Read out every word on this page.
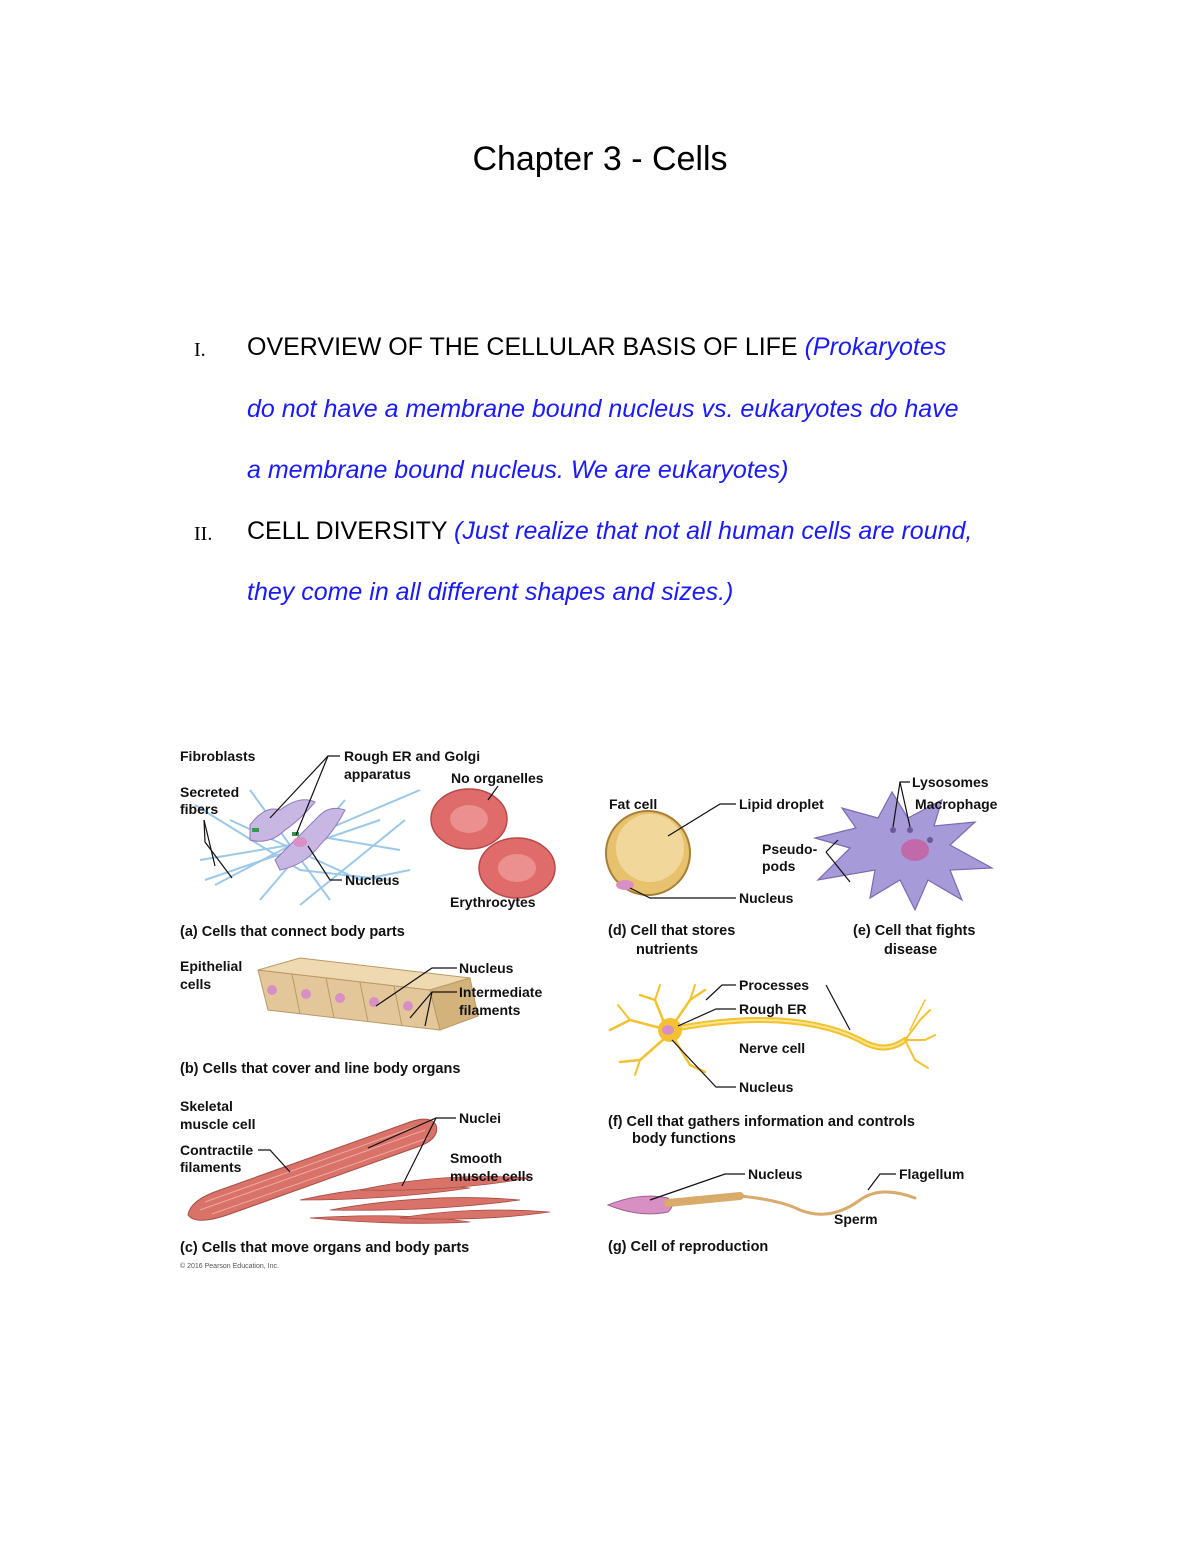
Chapter 3 - Cells
I. OVERVIEW OF THE CELLULAR BASIS OF LIFE (Prokaryotes
do not have a membrane bound nucleus vs. eukaryotes do have
a membrane bound nucleus. We are eukaryotes)
II. CELL DIVERSITY (Just realize that not all human cells are round,
they come in all different shapes and sizes.)
Fibroblasts	Rough ER and Golgi
apparatus
Secreted
fibers
No organelles
Nucleus
Erythrocytes
(a) Cells that connect body parts
Epithelial
cells
Nucleus
Intermediate
filaments
(b) Cells that cover and line body organs
Skeletal
muscle cell
Contractile
filaments
Nuclei
Smooth
muscle cells
(c) Cells that move organs and body parts
© 2016 Pearson Education, Inc.
Fat cell	Lipid droplet
Nucleus
(d) Cell that stores
nutrients
Lysosomes
Macrophage
Pseudo-
pods
(e) Cell that fights
disease
Processes
Rough ER
Nerve cell
Nucleus
(f) Cell that gathers information and controls
body functions
Nucleus	Flagellum
Sperm
(g) Cell of reproduction
